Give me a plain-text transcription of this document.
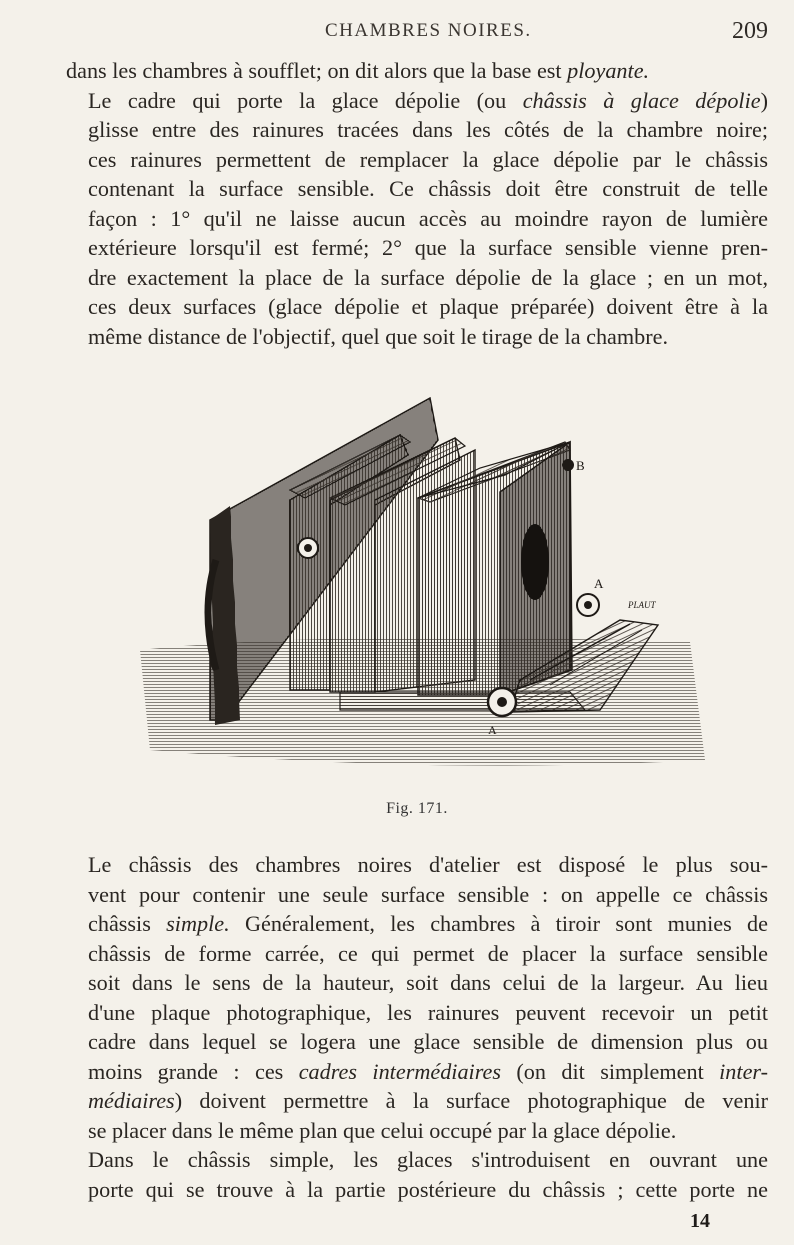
CHAMBRES NOIRES.	209

dans les chambres à soufflet; on dit alors que la base est ployante.

Le cadre qui porte la glace dépolie (ou châssis à glace dépolie)
glisse entre des rainures tracées dans les côtés de la chambre noire;
ces rainures permettent de remplacer la glace dépolie par le châssis
contenant la surface sensible. Ce châssis doit être construit de telle
façon : 1° qu'il ne laisse aucun accès au moindre rayon de lumière
extérieure lorsqu'il est fermé; 2° que la surface sensible vienne pren-
dre exactement la place de la surface dépolie de la glace ; en un mot,
ces deux surfaces (glace dépolie et plaque préparée) doivent être à la
même distance de l'objectif, quel que soit le tirage de la chambre.

B
A
A
PLAUT
Fig. 171.

Le châssis des chambres noires d'atelier est disposé le plus sou-
vent pour contenir une seule surface sensible : on appelle ce châssis
châssis simple. Généralement, les chambres à tiroir sont munies de
châssis de forme carrée, ce qui permet de placer la surface sensible
soit dans le sens de la hauteur, soit dans celui de la largeur. Au lieu
d'une plaque photographique, les rainures peuvent recevoir un petit
cadre dans lequel se logera une glace sensible de dimension plus ou
moins grande : ces cadres intermédiaires (on dit simplement inter-
médiaires) doivent permettre à la surface photographique de venir
se placer dans le même plan que celui occupé par la glace dépolie.

Dans le châssis simple, les glaces s'introduisent en ouvrant une
porte qui se trouve à la partie postérieure du châssis ; cette porte ne

14
